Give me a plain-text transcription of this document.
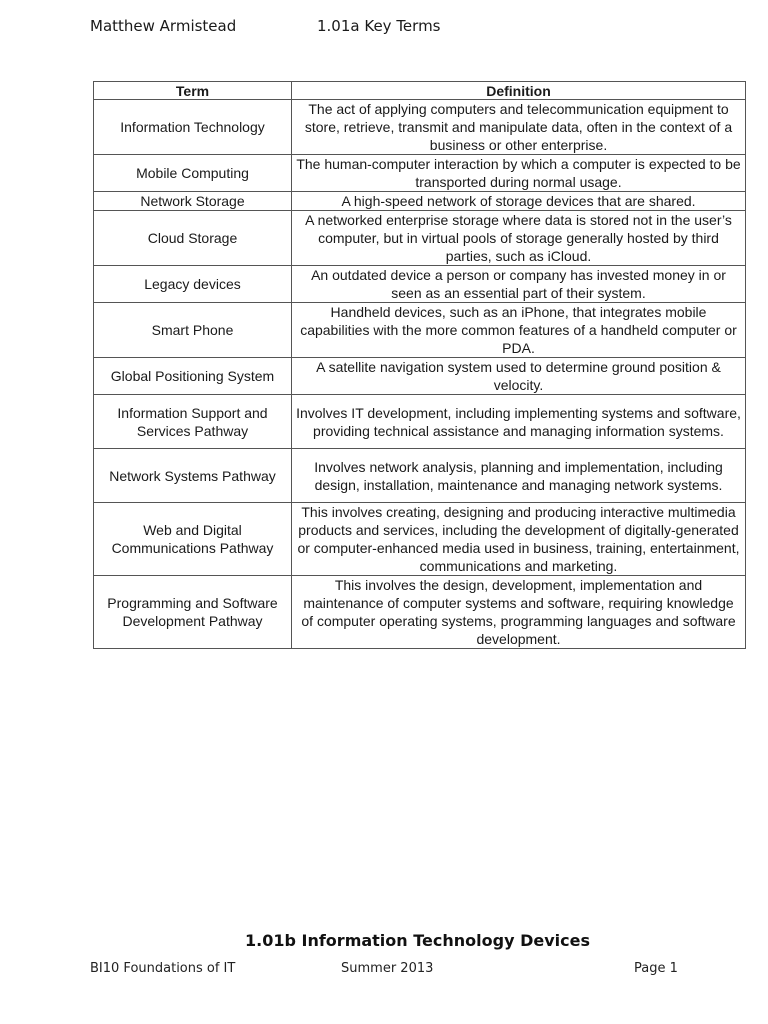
Matthew Armistead	1.01a Key Terms
Term	Definition
Information Technology	The act of applying computers and telecommunication equipment to store, retrieve, transmit and manipulate data, often in the context of a business or other enterprise.
Mobile Computing	The human-computer interaction by which a computer is expected to be transported during normal usage.
Network Storage	A high-speed network of storage devices that are shared.
Cloud Storage	A networked enterprise storage where data is stored not in the user’s computer, but in virtual pools of storage generally hosted by third parties, such as iCloud.
Legacy devices	An outdated device a person or company has invested money in or seen as an essential part of their system.
Smart Phone	Handheld devices, such as an iPhone, that integrates mobile capabilities with the more common features of a handheld computer or PDA.
Global Positioning System	A satellite navigation system used to determine ground position & velocity.
Information Support and Services Pathway	Involves IT development, including implementing systems and software, providing technical assistance and managing information systems.
Network Systems Pathway	Involves network analysis, planning and implementation, including design, installation, maintenance and managing network systems.
Web and Digital Communications Pathway	This involves creating, designing and producing interactive multimedia products and services, including the development of digitally-generated or computer-enhanced media used in business, training, entertainment, communications and marketing.
Programming and Software Development Pathway	This involves the design, development, implementation and maintenance of computer systems and software, requiring knowledge of computer operating systems, programming languages and software development.
1.01b Information Technology Devices
BI10 Foundations of IT	Summer 2013	Page 1
